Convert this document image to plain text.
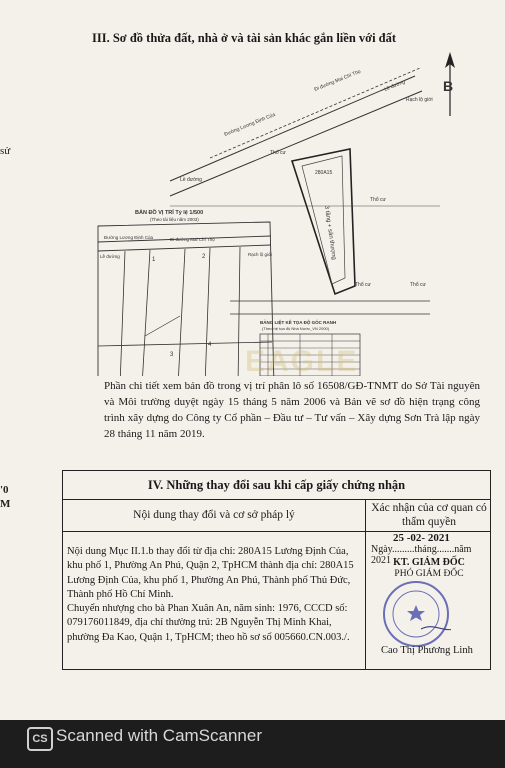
sử
'0
M
III. Sơ đồ thửa đất, nhà ở và tài sản khác gắn liền với đất
B
Đường Lương Định Của
Đi đường Mai Chí Thọ
Lề đường
Lề đường
Rạch lộ giới
3 tầng + sân thượng
280A15
Thổ cư
Thổ cư
Thổ cư	Thổ cư
BẢN ĐỒ VỊ TRÍ Tỷ lệ 1/500
(Theo tài liệu năm 2003)
Đường Lương Định Của	Đi đường Mai Chí Thọ
Lề đường	Rạch lộ giới
1	2
3
4
BẢNG LIỆT KÊ TỌA ĐỘ GÓC RANH
(Theo hệ tọa độ Nhà Nước_VN 2000)
EAGLE
Phần chi tiết xem bản đồ trong vị trí phân lô số 16508/GĐ-TNMT do Sở Tài nguyên và Môi trường duyệt ngày 15 tháng 5 năm 2006 và Bản vẽ sơ đồ hiện trạng công trình xây dựng do Công ty Cổ phần – Đầu tư – Tư vấn – Xây dựng Sơn Trà lập ngày 28 tháng 11 năm 2019.
IV. Những thay đổi sau khi cấp giấy chứng nhận
Nội dung thay đổi và cơ sở pháp lý
Xác nhận của cơ quan có thẩm quyền
Nội dung Mục II.1.b thay đổi từ địa chỉ: 280A15 Lương Định Của, khu phố 1, Phường An Phú, Quận 2, TpHCM thành địa chỉ: 280A15 Lương Định Của, khu phố 1, Phường An Phú, Thành phố Thủ Đức, Thành phố Hồ Chí Minh.
Chuyển nhượng cho bà Phan Xuân An, năm sinh: 1976, CCCD số: 079176011849, địa chỉ thường trú: 2B Nguyễn Thị Minh Khai, phường Đa Kao, Quận 1, TpHCM; theo hồ sơ số 005660.CN.003./.
25 -02- 2021
Ngày.........tháng.......năm 2021 KT. GIÁM ĐỐC
PHÓ GIÁM ĐỐC
Cao Thị Phương Linh
CS Scanned with CamScanner
